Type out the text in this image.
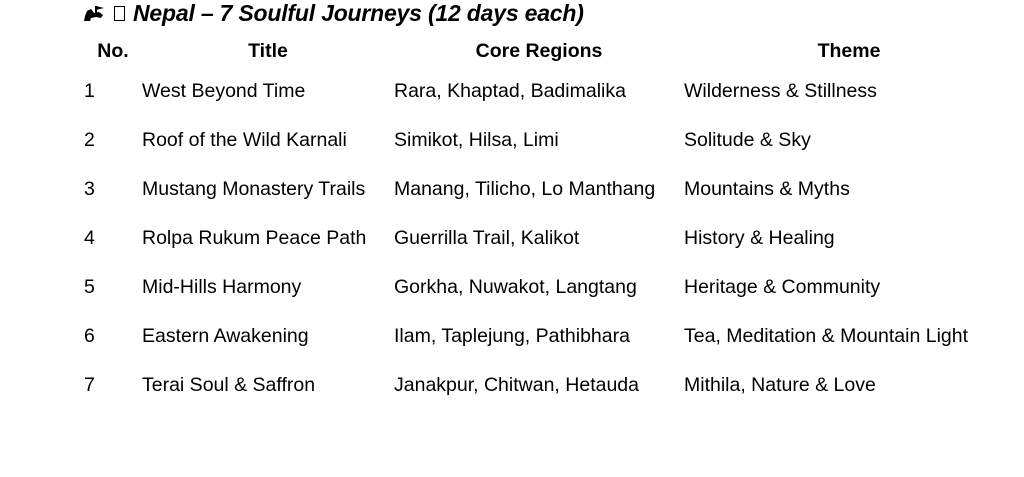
Nepal – 7 Soulful Journeys (12 days each)
No.	Title	Core Regions	Theme
1	West Beyond Time	Rara, Khaptad, Badimalika	Wilderness & Stillness
2	Roof of the Wild Karnali	Simikot, Hilsa, Limi	Solitude & Sky
3	Mustang Monastery Trails	Manang, Tilicho, Lo Manthang	Mountains & Myths
4	Rolpa Rukum Peace Path	Guerrilla Trail, Kalikot	History & Healing
5	Mid-Hills Harmony	Gorkha, Nuwakot, Langtang	Heritage & Community
6	Eastern Awakening	Ilam, Taplejung, Pathibhara	Tea, Meditation & Mountain Light
7	Terai Soul & Saffron	Janakpur, Chitwan, Hetauda	Mithila, Nature & Love
